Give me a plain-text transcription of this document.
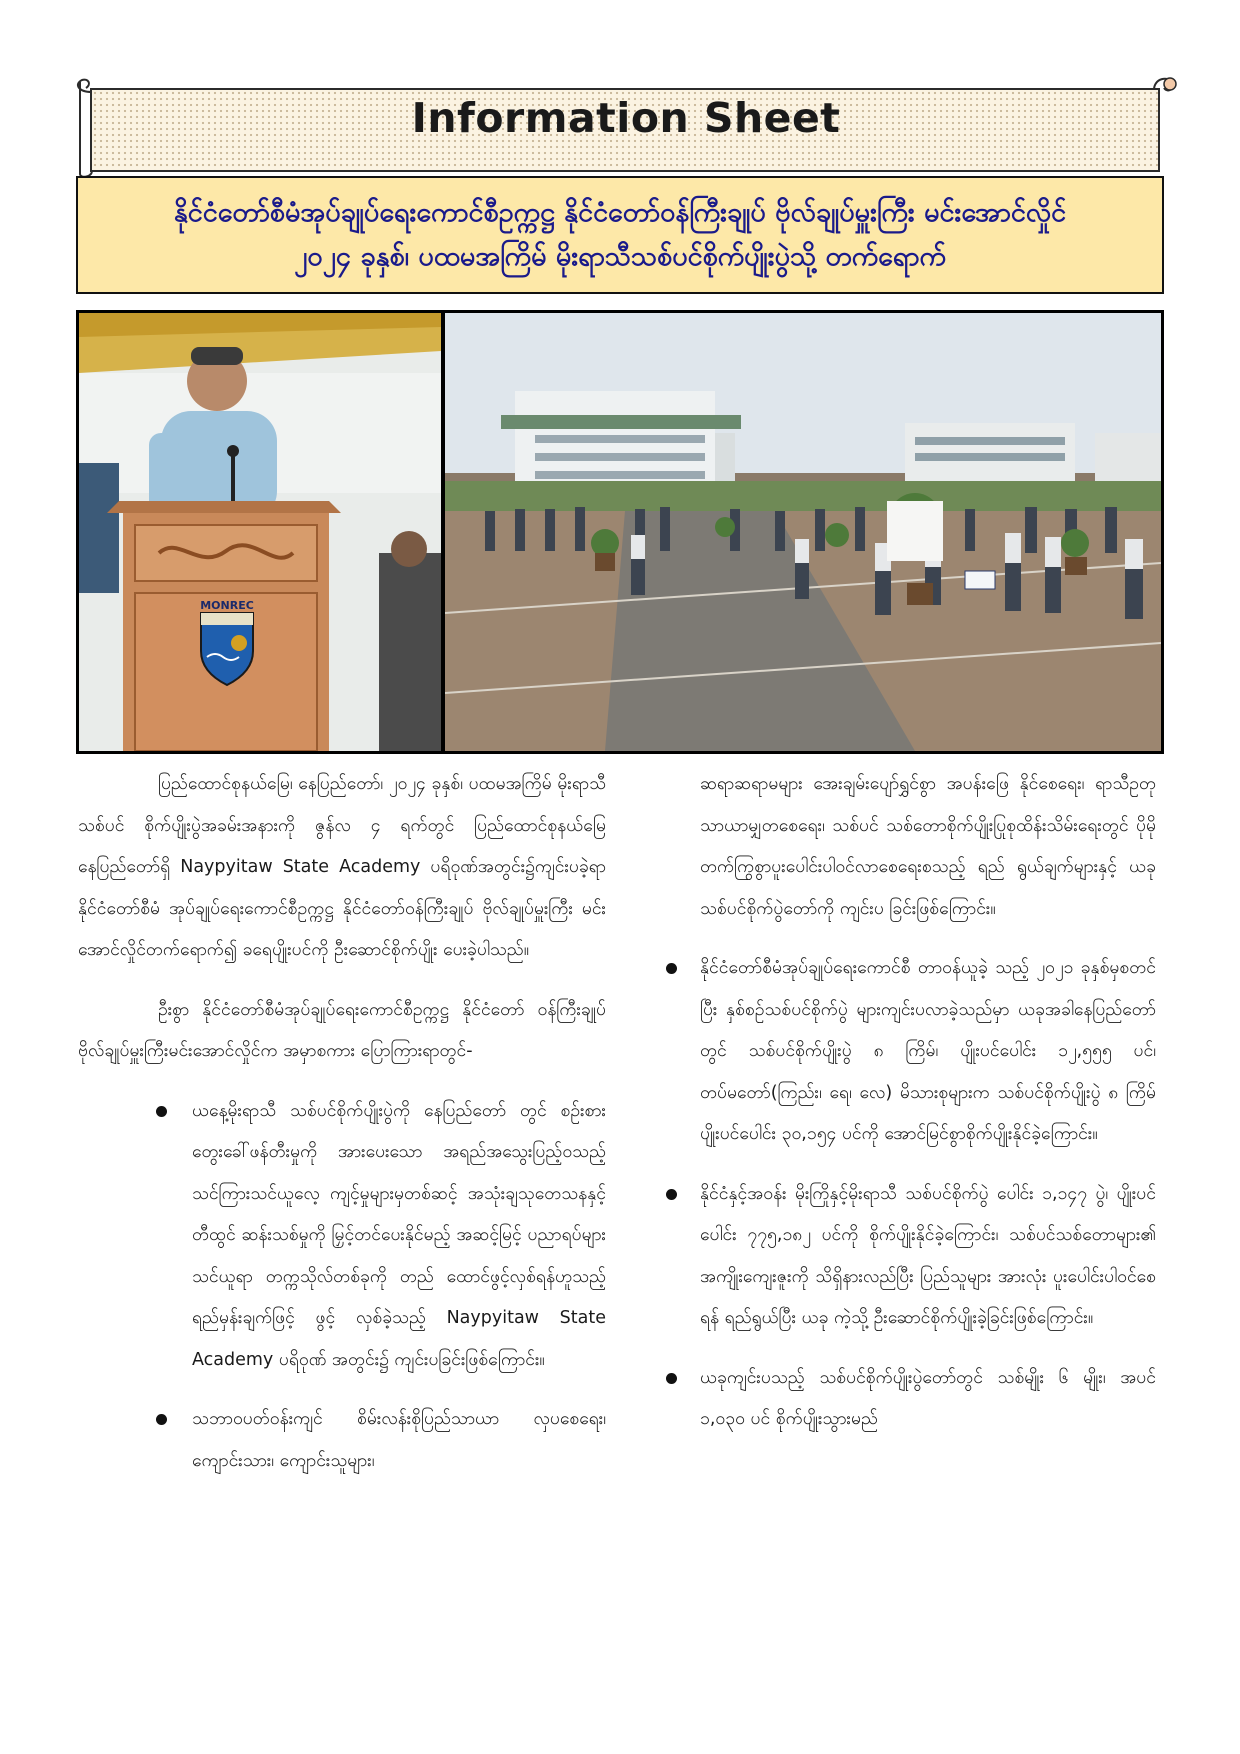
Information Sheet
နိုင်ငံတော်စီမံအုပ်ချုပ်ရေးကောင်စီဥက္ကဋ္ဌ နိုင်ငံတော်ဝန်ကြီးချုပ် ဗိုလ်ချုပ်မှူးကြီး မင်းအောင်လှိုင်
၂၀၂၄ ခုနှစ်၊ ပထမအကြိမ် မိုးရာသီသစ်ပင်စိုက်ပျိုးပွဲသို့ တက်ရောက်
MONREC

ပြည်ထောင်စုနယ်မြေ၊ နေပြည်တော်၊ ၂၀၂၄ ခုနှစ်၊ ပထမအကြိမ် မိုးရာသီသစ်ပင် စိုက်ပျိုးပွဲအခမ်းအနားကို ဇွန်လ ၄ ရက်တွင် ပြည်ထောင်စုနယ်မြေ နေပြည်တော်ရှိ Naypyitaw State Academy ပရိဝုဏ်အတွင်း၌ကျင်းပခဲ့ရာ နိုင်ငံတော်စီမံ အုပ်ချုပ်ရေးကောင်စီဥက္ကဋ္ဌ နိုင်ငံတော်ဝန်ကြီးချုပ် ဗိုလ်ချုပ်မှူးကြီး မင်းအောင်လှိုင်တက်ရောက်၍ ခရေပျိုးပင်ကို ဦးဆောင်စိုက်ပျိုး ပေးခဲ့ပါသည်။

ဦးစွာ နိုင်ငံတော်စီမံအုပ်ချုပ်ရေးကောင်စီဥက္ကဋ္ဌ နိုင်ငံတော် ဝန်ကြီးချုပ် ဗိုလ်ချုပ်မှူးကြီးမင်းအောင်လှိုင်က အမှာစကား ပြောကြားရာတွင်-

ယနေ့မိုးရာသီ သစ်ပင်စိုက်ပျိုးပွဲကို နေပြည်တော် တွင် စဉ်းစားတွေးခေါ်ဖန်တီးမှုကို အားပေးသော အရည်အသွေးပြည့်ဝသည့် သင်ကြားသင်ယူလေ့ ကျင့်မှုများမှတစ်ဆင့် အသုံးချသုတေသနနှင့် တီထွင် ဆန်းသစ်မှုကို မြှင့်တင်ပေးနိုင်မည့် အဆင့်မြင့် ပညာရပ်များသင်ယူရာ တက္ကသိုလ်တစ်ခုကို တည် ထောင်ဖွင့်လှစ်ရန်ဟူသည့် ရည်မှန်းချက်ဖြင့် ဖွင့် လှစ်ခဲ့သည့် Naypyitaw State Academy ပရိဝုဏ် အတွင်း၌ ကျင်းပခြင်းဖြစ်ကြောင်း။
သဘာဝပတ်ဝန်းကျင် စိမ်းလန်းစိုပြည်သာယာ လှပစေရေး၊ ကျောင်းသား၊ ကျောင်းသူများ၊

ဆရာဆရာမများ အေးချမ်းပျော်ရွှင်စွာ အပန်းဖြေ နိုင်စေရေး၊ ရာသီဥတုသာယာမျှတစေရေး၊ သစ်ပင် သစ်တောစိုက်ပျိုးပြုစုထိန်းသိမ်းရေးတွင် ပိုမို တက်ကြွစွာပူးပေါင်းပါဝင်လာစေရေးစသည့် ရည် ရွယ်ချက်များနှင့် ယခုသစ်ပင်စိုက်ပွဲတော်ကို ကျင်းပ ခြင်းဖြစ်ကြောင်း။

နိုင်ငံတော်စီမံအုပ်ချုပ်ရေးကောင်စီ တာဝန်ယူခဲ့ သည့် ၂၀၂၁ ခုနှစ်မှစတင်ပြီး နှစ်စဉ်သစ်ပင်စိုက်ပွဲ များကျင်းပလာခဲ့သည်မှာ ယခုအခါနေပြည်တော်တွင် သစ်ပင်စိုက်ပျိုးပွဲ ၈ ကြိမ်၊ ပျိုးပင်ပေါင်း ၁၂,၅၅၅ ပင်၊ တပ်မတော်(ကြည်း၊ ရေ၊ လေ) မိသားစုများက သစ်ပင်စိုက်ပျိုးပွဲ ၈ ကြိမ် ပျိုးပင်ပေါင်း ၃၀,၁၅၄ ပင်ကို အောင်မြင်စွာစိုက်ပျိုးနိုင်ခဲ့ကြောင်း။
နိုင်ငံနှင့်အဝန်း မိုးကြိုနှင့်မိုးရာသီ သစ်ပင်စိုက်ပွဲ ပေါင်း ၁,၁၄၇ ပွဲ၊ ပျိုးပင်ပေါင်း ၇၇၅,၁၈၂ ပင်ကို စိုက်ပျိုးနိုင်ခဲ့ကြောင်း၊ သစ်ပင်သစ်တောများ၏ အကျိုးကျေးဇူးကို သိရှိနားလည်ပြီး ပြည်သူများ အားလုံး ပူးပေါင်းပါဝင်စေရန် ရည်ရွယ်ပြီး ယခု ကဲ့သို့ ဦးဆောင်စိုက်ပျိုးခဲ့ခြင်းဖြစ်ကြောင်း။
ယခုကျင်းပသည့် သစ်ပင်စိုက်ပျိုးပွဲတော်တွင် သစ်မျိုး ၆ မျိုး၊ အပင် ၁,၀၃၀ ပင် စိုက်ပျိုးသွားမည်
